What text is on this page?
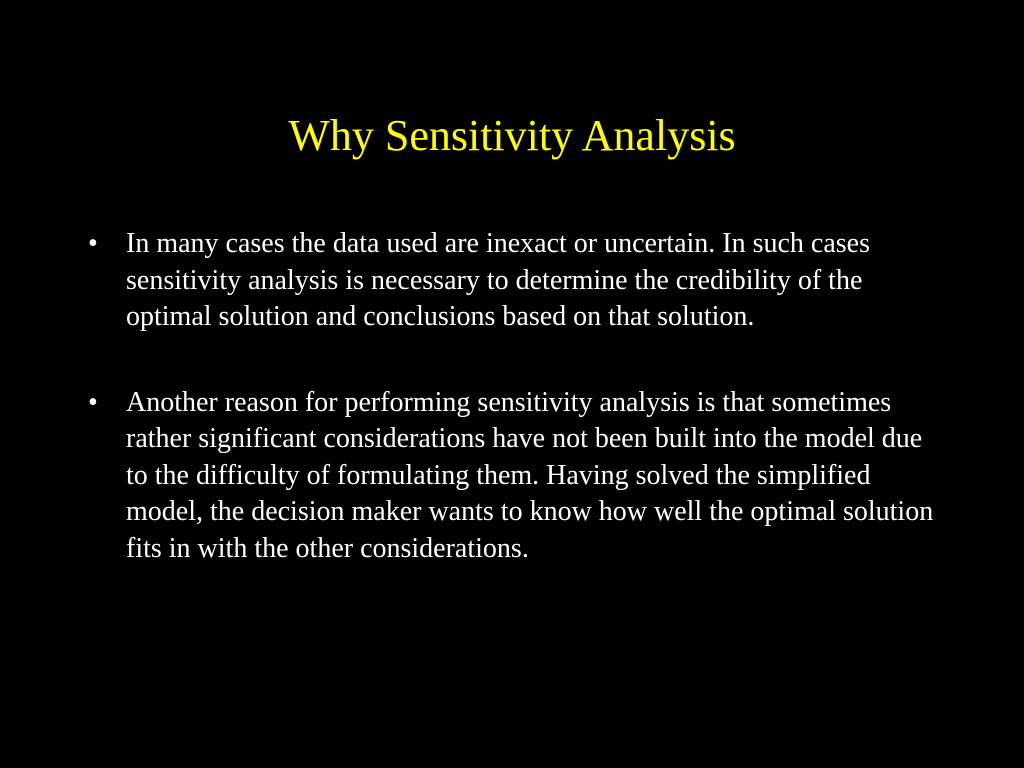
Why Sensitivity Analysis
• In many cases the data used are inexact or uncertain. In such cases sensitivity analysis is necessary to determine the credibility of the optimal solution and conclusions based on that solution.
• Another reason for performing sensitivity analysis is that sometimes rather significant considerations have not been built into the model due to the difficulty of formulating them. Having solved the simplified model, the decision maker wants to know how well the optimal solution fits in with the other considerations.
